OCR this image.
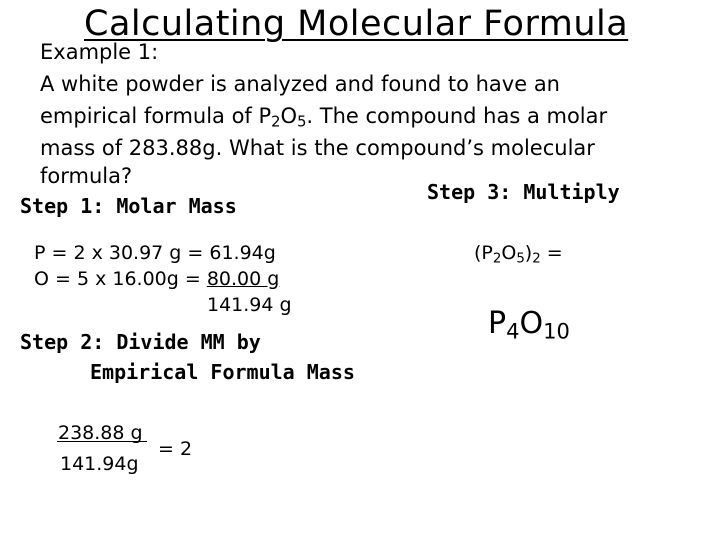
Calculating Molecular Formula
Example 1:
A white powder is analyzed and found to have an
empirical formula of $P_2O_5$. The compound has a molar
mass of 283.88g. What is the compound’s molecular
formula?
Step 1: Molar Mass
Step 3: Multiply
P = 2 x 30.97 g = 61.94g
O = 5 x 16.00g = 80.00 g
141.94 g
$(P_2O_5)_2$ =
Step 2: Divide MM by
Empirical Formula Mass
$P_4O_{10}$
238.88 g
141.94g
= 2
